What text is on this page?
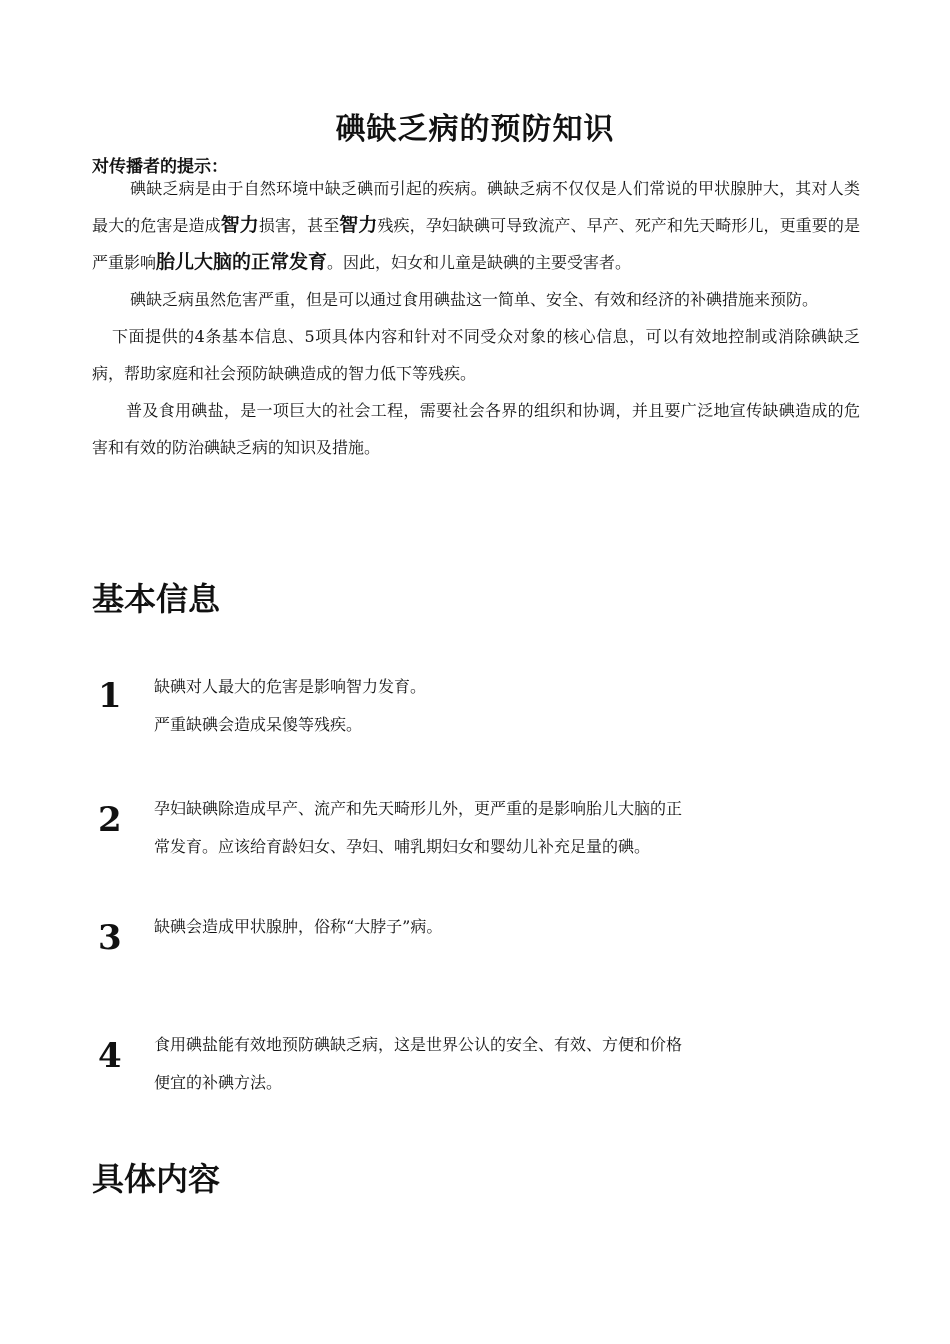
碘缺乏病的预防知识
对传播者的提示：

碘缺乏病是由于自然环境中缺乏碘而引起的疾病。碘缺乏病不仅仅是人们常说的甲状腺肿大，其对人类最大的危害是造成智力损害，甚至智力残疾，孕妇缺碘可导致流产、早产、死产和先天畸形儿，更重要的是严重影响胎儿大脑的正常发育。因此，妇女和儿童是缺碘的主要受害者。

碘缺乏病虽然危害严重，但是可以通过食用碘盐这一简单、安全、有效和经济的补碘措施来预防。

下面提供的4条基本信息、5项具体内容和针对不同受众对象的核心信息，可以有效地控制或消除碘缺乏病，帮助家庭和社会预防缺碘造成的智力低下等残疾。

普及食用碘盐，是一项巨大的社会工程，需要社会各界的组织和协调，并且要广泛地宣传缺碘造成的危害和有效的防治碘缺乏病的知识及措施。

基本信息
1 缺碘对人最大的危害是影响智力发育。
严重缺碘会造成呆傻等残疾。
2 孕妇缺碘除造成早产、流产和先天畸形儿外，更严重的是影响胎儿大脑的正
常发育。应该给育龄妇女、孕妇、哺乳期妇女和婴幼儿补充足量的碘。
3 缺碘会造成甲状腺肿，俗称“大脖子”病。
4 食用碘盐能有效地预防碘缺乏病，这是世界公认的安全、有效、方便和价格
便宜的补碘方法。
具体内容
